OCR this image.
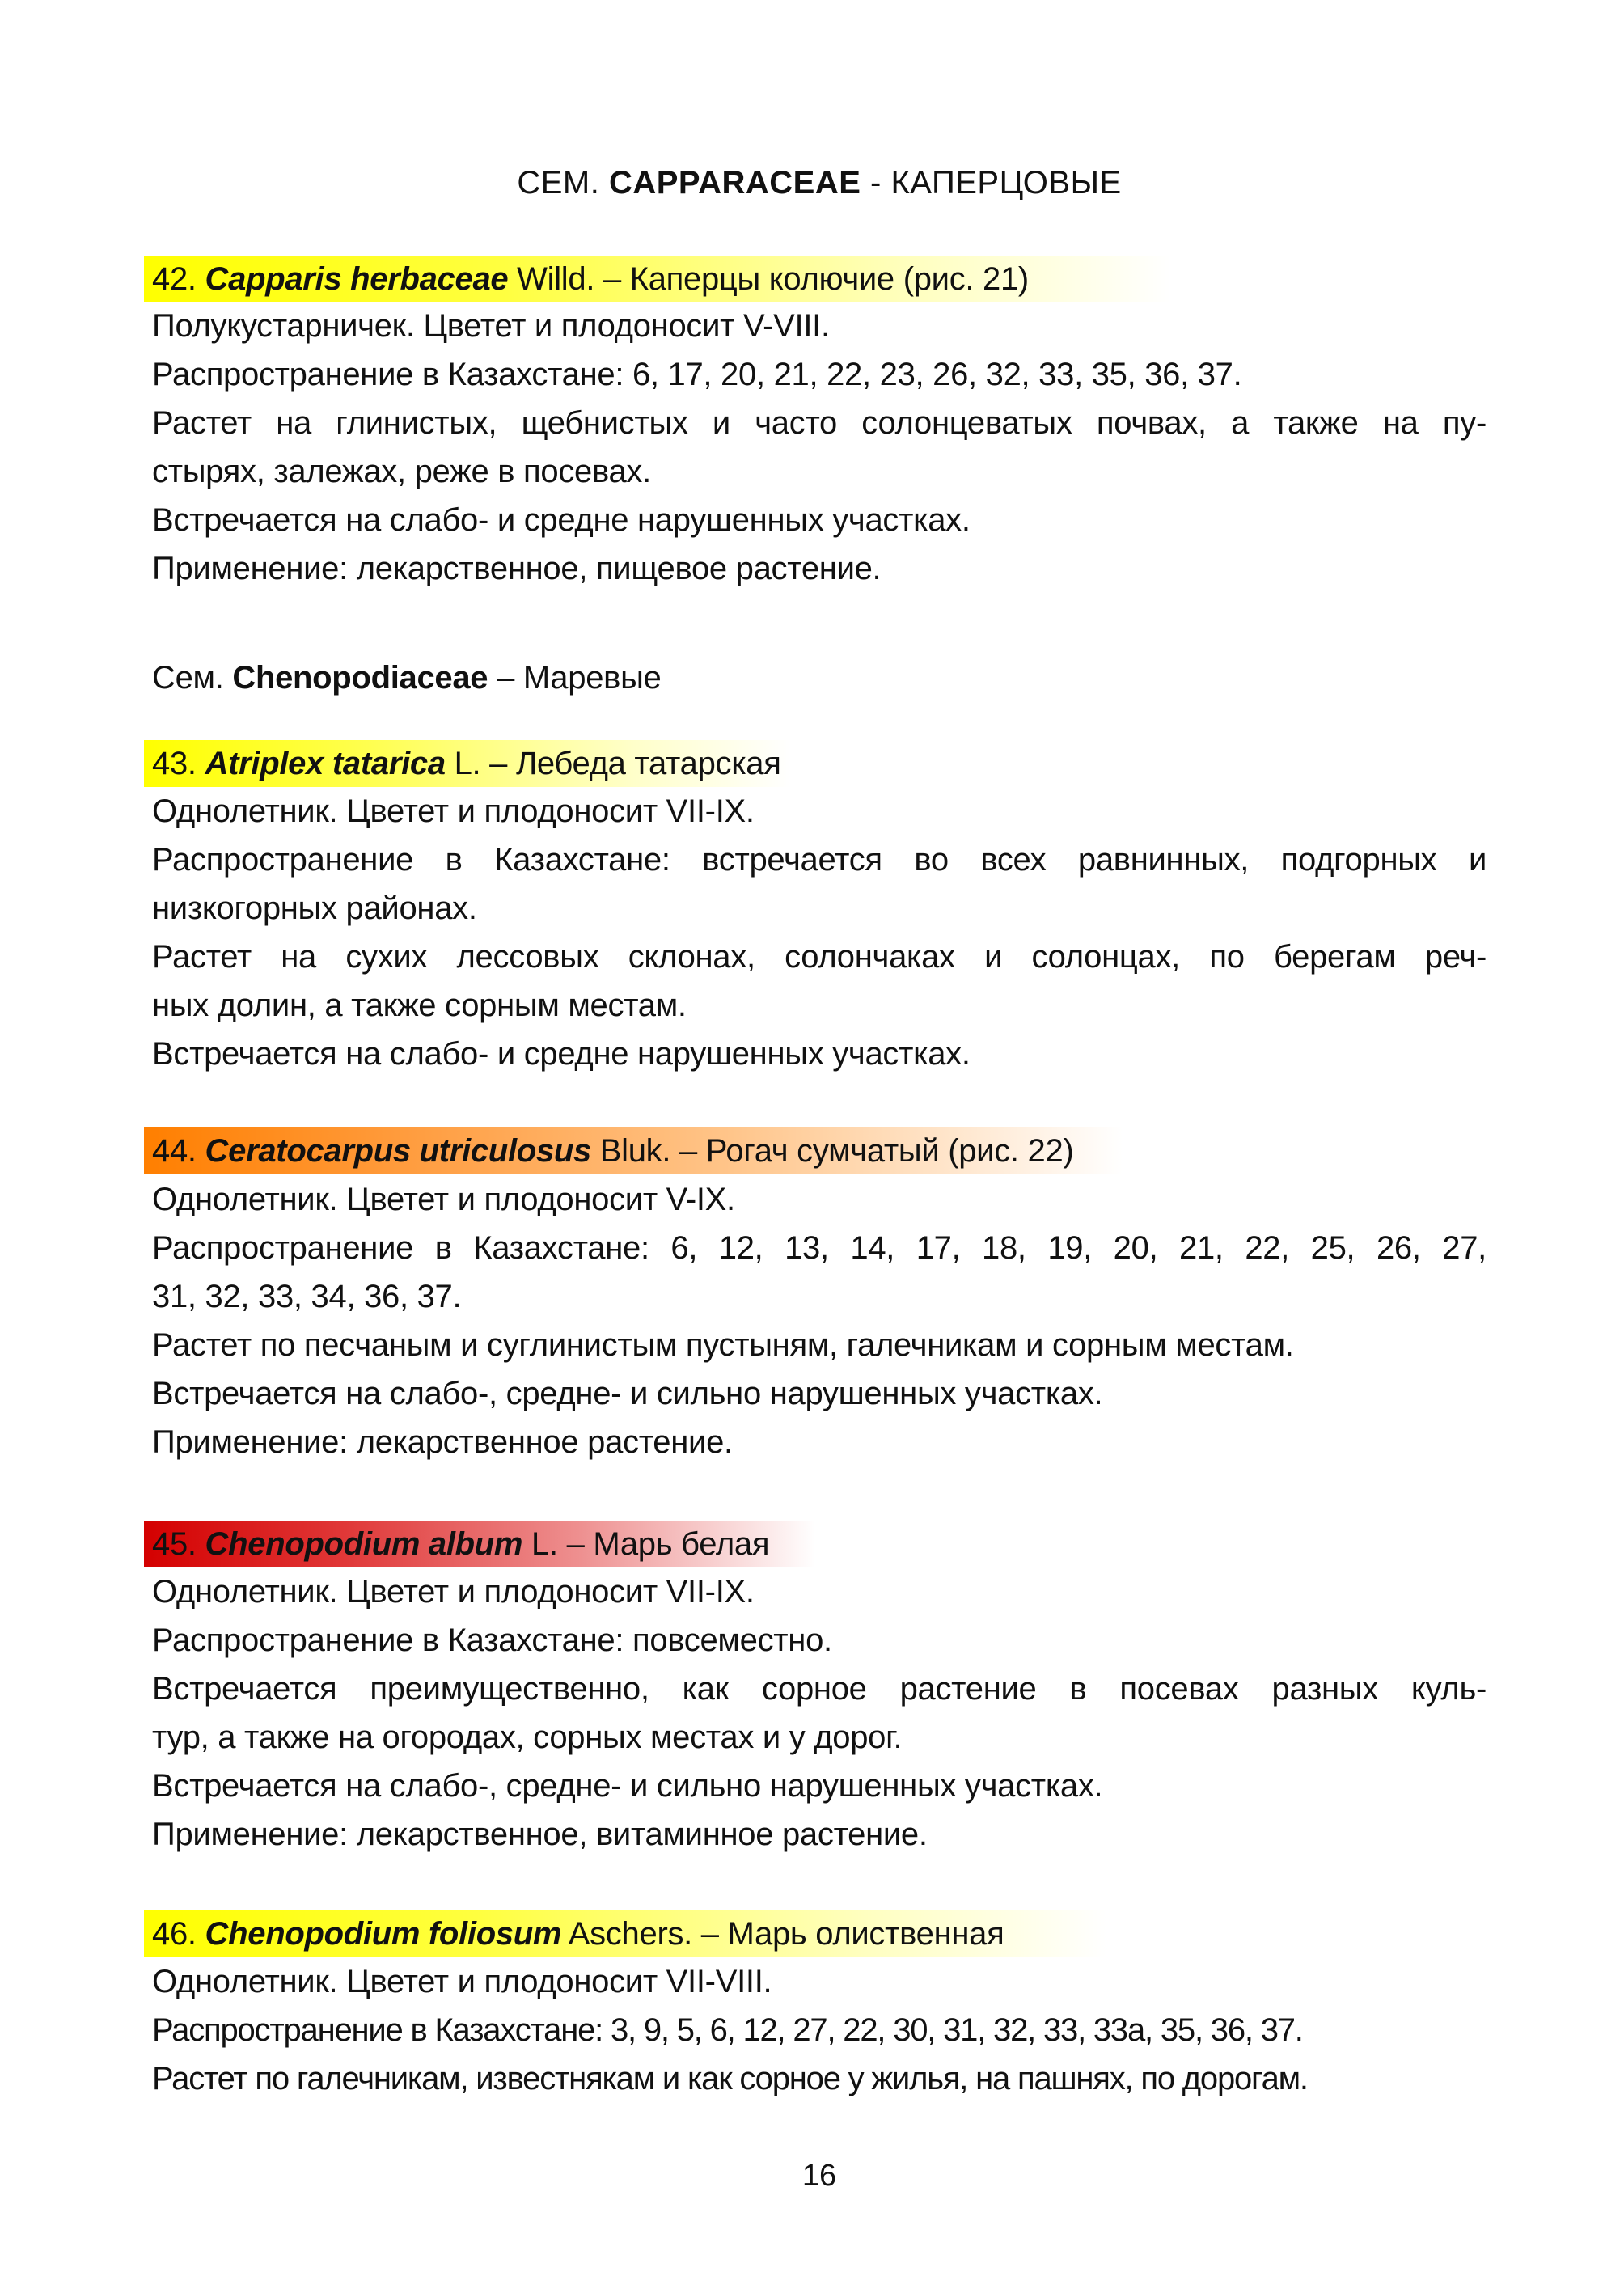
СЕМ. CAPPARACEAE - КАПЕРЦОВЫЕ
42. Capparis herbaceae Willd. – Каперцы колючие (рис. 21)
Полукустарничек. Цветет и плодоносит V-VIII.
Распространение в Казахстане: 6, 17, 20, 21, 22, 23, 26, 32, 33, 35, 36, 37.
Растет на глинистых, щебнистых и часто солонцеватых почвах, а также на пу-
стырях, залежах, реже в посевах.
Встречается на слабо- и средне нарушенных участках.
Применение: лекарственное, пищевое растение.
Сем. Chenopodiaceae – Маревые
43. Atriplex tatarica L. – Лебеда татарская
Однолетник. Цветет и плодоносит VII-IX.
Распространение в Казахстане: встречается во всех равнинных, подгорных и
низкогорных районах.
Растет на сухих лессовых склонах, солончаках и солонцах, по берегам реч-
ных долин, а также сорным местам.
Встречается на слабо- и средне нарушенных участках.
44. Ceratocarpus utriculosus Bluk. – Рогач сумчатый (рис. 22)
Однолетник. Цветет и плодоносит V-IX.
Распространение в Казахстане: 6, 12, 13, 14, 17, 18, 19, 20, 21, 22, 25, 26, 27,
31, 32, 33, 34, 36, 37.
Растет по песчаным и суглинистым пустыням, галечникам и сорным местам.
Встречается на слабо-, средне- и сильно нарушенных участках.
Применение: лекарственное растение.
45. Chenopodium album L. – Марь белая
Однолетник. Цветет и плодоносит VII-IX.
Распространение в Казахстане: повсеместно.
Встречается преимущественно, как сорное растение в посевах разных куль-
тур, а также на огородах, сорных местах и у дорог.
Встречается на слабо-, средне- и сильно нарушенных участках.
Применение: лекарственное, витаминное растение.
46. Chenopodium foliosum Aschers. – Марь олиственная
Однолетник. Цветет и плодоносит VII-VIII.
Распространение в Казахстане: 3, 9, 5, 6, 12, 27, 22, 30, 31, 32, 33, 33а, 35, 36, 37.
Растет по галечникам, известнякам и как сорное у жилья, на пашнях, по дорогам.
16
